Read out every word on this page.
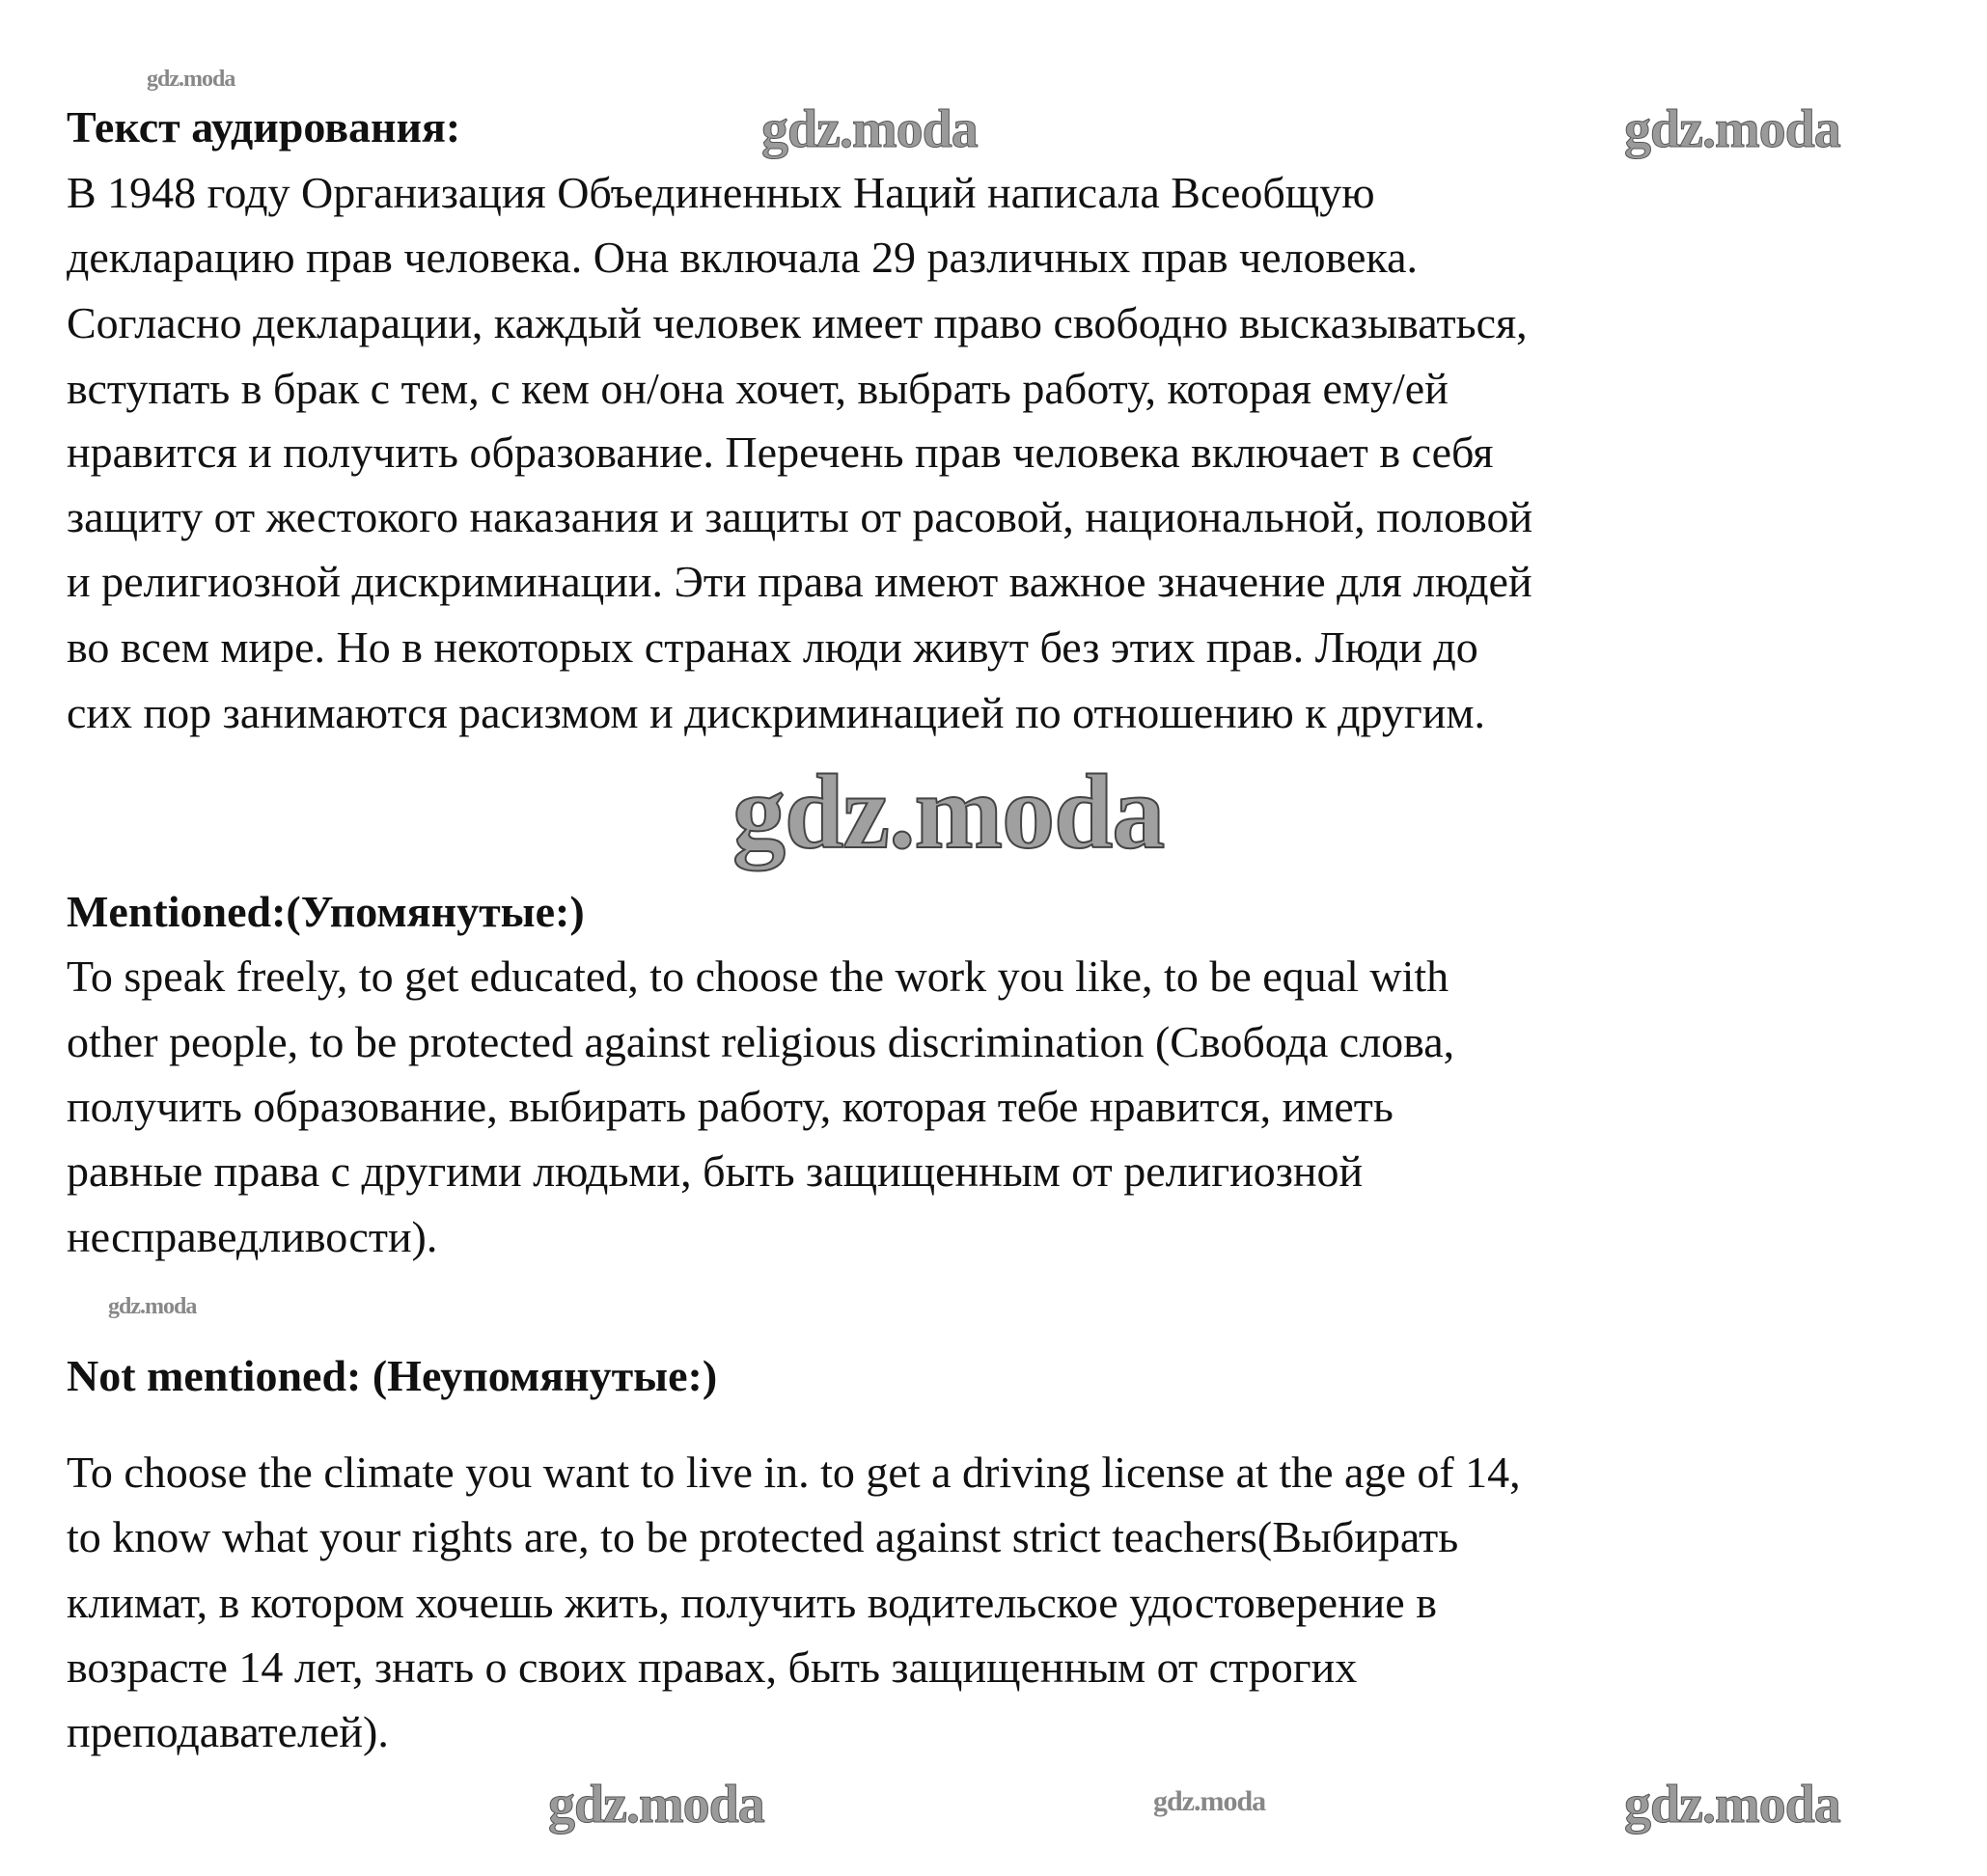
Текст аудирования:
В 1948 году Организация Объединенных Наций написала Всеобщую
декларацию прав человека. Она включала 29 различных прав человека.
Согласно декларации, каждый человек имеет право свободно высказываться,
вступать в брак с тем, с кем он/она хочет, выбрать работу, которая ему/ей
нравится и получить образование. Перечень прав человека включает в себя
защиту от жестокого наказания и защиты от расовой, национальной, половой
и религиозной дискриминации. Эти права имеют важное значение для людей
во всем мире. Но в некоторых странах люди живут без этих прав. Люди до
сих пор занимаются расизмом и дискриминацией по отношению к другим.
Mentioned:(Упомянутые:)
To speak freely, to get educated, to choose the work you like, to be equal with
other people, to be protected against religious discrimination (Свобода слова,
получить образование, выбирать работу, которая тебе нравится, иметь
равные права с другими людьми, быть защищенным от религиозной
несправедливости).
Not mentioned: (Неупомянутые:)
To choose the climate you want to live in. to get a driving license at the age of 14,
to know what your rights are, to be protected against strict teachers(Выбирать
климат, в котором хочешь жить, получить водительское удостоверение в
возрасте 14 лет, знать о своих правах, быть защищенным от строгих
преподавателей).
gdz.moda	gdz.moda
gdz.moda
gdz.moda
gdz.moda
gdz.moda	gdz.moda	gdz.moda
